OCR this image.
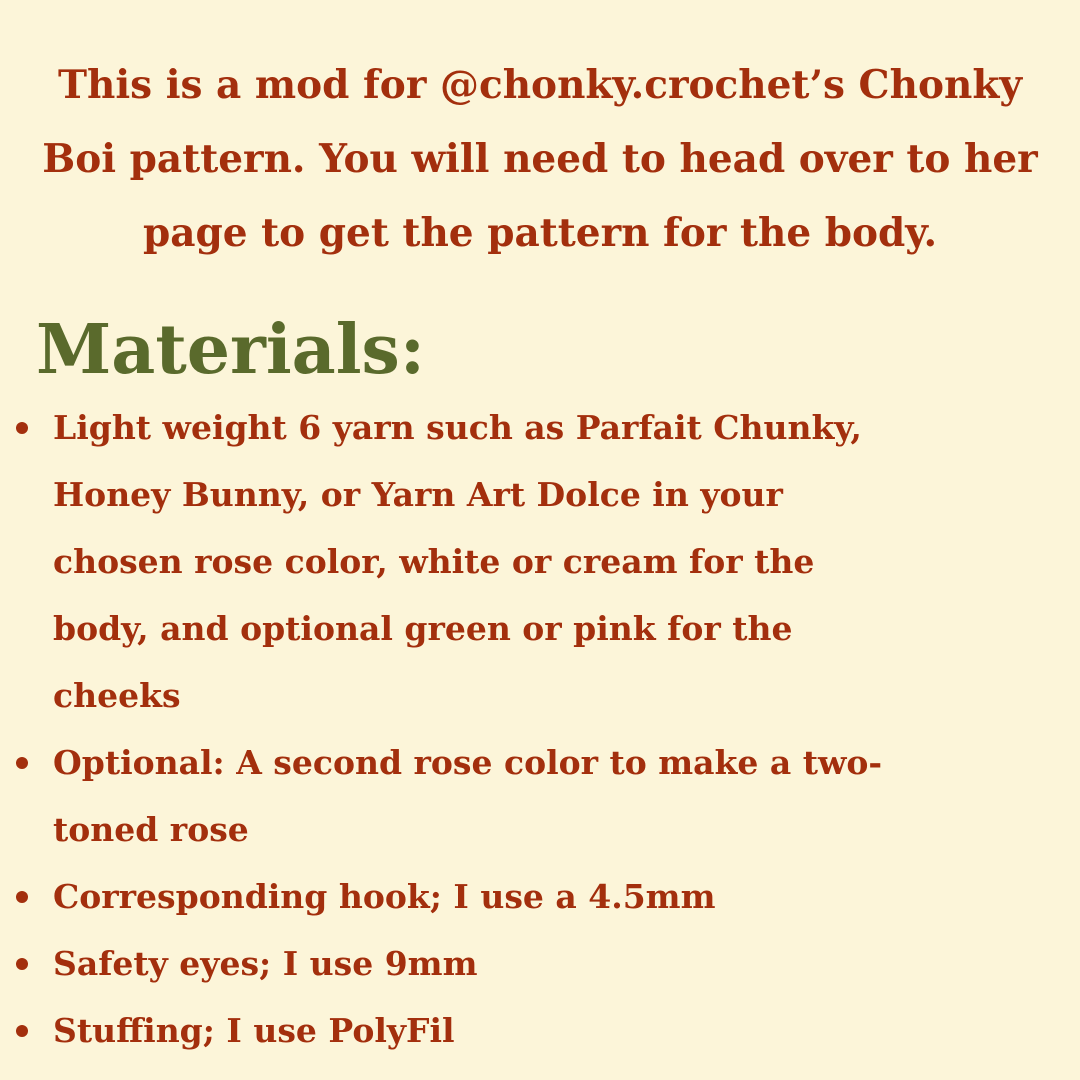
This is a mod for @chonky.crochet’s Chonky
Boi pattern. You will need to head over to her
page to get the pattern for the body.
Materials:
Light weight 6 yarn such as Parfait Chunky,
Honey Bunny, or Yarn Art Dolce in your
chosen rose color, white or cream for the
body, and optional green or pink for the
cheeks
Optional: A second rose color to make a two-
toned rose
Corresponding hook; I use a 4.5mm
Safety eyes; I use 9mm
Stuffing; I use PolyFil
